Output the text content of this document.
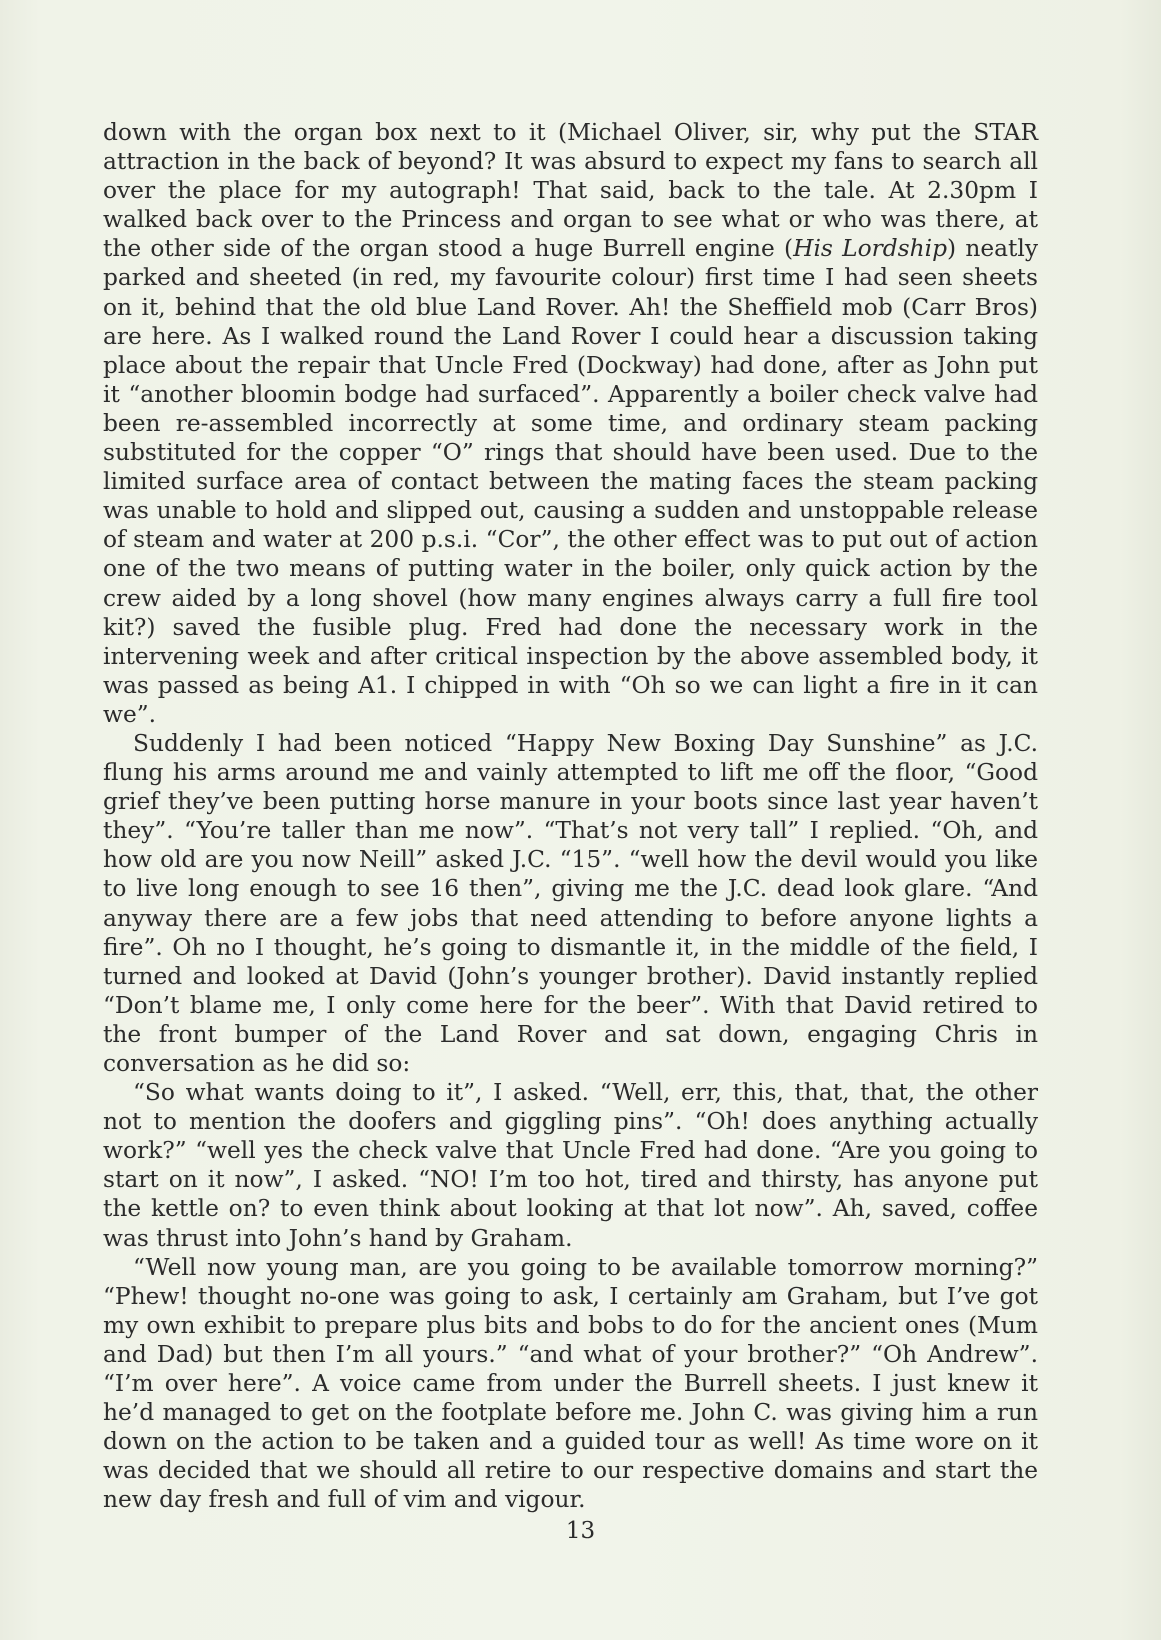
down with the organ box next to it (Michael Oliver, sir, why put the STAR attraction in the back of beyond? It was absurd to expect my fans to search all over the place for my autograph! That said, back to the tale. At 2.30pm I walked back over to the Princess and organ to see what or who was there, at the other side of the organ stood a huge Burrell engine (His Lordship) neatly parked and sheeted (in red, my favourite colour) first time I had seen sheets on it, behind that the old blue Land Rover. Ah! the Sheffield mob (Carr Bros) are here. As I walked round the Land Rover I could hear a discussion taking place about the repair that Uncle Fred (Dockway) had done, after as John put it “another bloomin bodge had surfaced”. Apparently a boiler check valve had been re-assembled incorrectly at some time, and ordinary steam packing substituted for the copper “O” rings that should have been used. Due to the limited surface area of contact between the mating faces the steam packing was unable to hold and slipped out, causing a sudden and unstoppable release of steam and water at 200 p.s.i. “Cor”, the other effect was to put out of action one of the two means of putting water in the boiler, only quick action by the crew aided by a long shovel (how many engines always carry a full fire tool kit?) saved the fusible plug. Fred had done the necessary work in the intervening week and after critical inspection by the above assembled body, it was passed as being A1. I chipped in with “Oh so we can light a fire in it can we”.

Suddenly I had been noticed “Happy New Boxing Day Sunshine” as J.C. flung his arms around me and vainly attempted to lift me off the floor, “Good grief they’ve been putting horse manure in your boots since last year haven’t they”. “You’re taller than me now”. “That’s not very tall” I replied. “Oh, and how old are you now Neill” asked J.C. “15”. “well how the devil would you like to live long enough to see 16 then”, giving me the J.C. dead look glare. “And anyway there are a few jobs that need attending to before anyone lights a fire”. Oh no I thought, he’s going to dismantle it, in the middle of the field, I turned and looked at David (John’s younger brother). David instantly replied “Don’t blame me, I only come here for the beer”. With that David retired to the front bumper of the Land Rover and sat down, engaging Chris in conversation as he did so:

“So what wants doing to it”, I asked. “Well, err, this, that, that, the other not to mention the doofers and giggling pins”. “Oh! does anything actually work?” “well yes the check valve that Uncle Fred had done. “Are you going to start on it now”, I asked. “NO! I’m too hot, tired and thirsty, has anyone put the kettle on? to even think about looking at that lot now”. Ah, saved, coffee was thrust into John’s hand by Graham.

“Well now young man, are you going to be available tomorrow morning?” “Phew! thought no-one was going to ask, I certainly am Graham, but I’ve got my own exhibit to prepare plus bits and bobs to do for the ancient ones (Mum and Dad) but then I’m all yours.” “and what of your brother?” “Oh Andrew”. “I’m over here”. A voice came from under the Burrell sheets. I just knew it he’d managed to get on the footplate before me. John C. was giving him a run down on the action to be taken and a guided tour as well! As time wore on it was decided that we should all retire to our respective domains and start the new day fresh and full of vim and vigour.

13
